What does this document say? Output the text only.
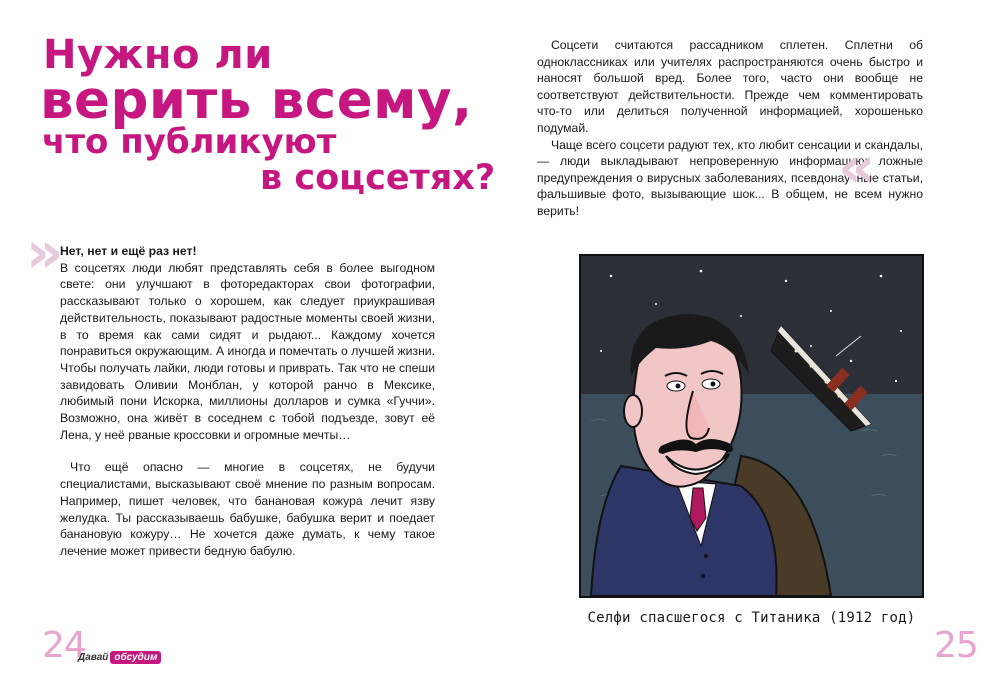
Нужно ли
верить всему,
что публикуют
в соцсетях?
»

Нет, нет и ещё раз нет!

В соцсетях люди любят представлять себя в более выгодном свете: они улучшают в фоторедакторах свои фотографии, рассказывают только о хорошем, как следует приукрашивая действительность, показывают радостные моменты своей жизни, в то время как сами сидят и рыдают... Каждому хочется понравиться окружающим. А иногда и помечтать о лучшей жизни. Чтобы получать лайки, люди готовы и приврать. Так что не спеши завидовать Оливии Монблан, у которой ранчо в Мексике, любимый пони Искорка, миллионы долларов и сумка «Гуччи». Возможно, она живёт в соседнем с тобой подъезде, зовут её Лена, у неё рваные кроссовки и огромные мечты…

Что ещё опасно — многие в соцсетях, не будучи специалистами, высказывают своё мнение по разным вопросам. Например, пишет человек, что банановая кожура лечит язву желудка. Ты рассказываешь бабушке, бабушка верит и поедает банановую кожуру… Не хочется даже думать, к чему такое лечение может привести бедную бабулю.

Соцсети считаются рассадником сплетен. Сплетни об одноклассниках или учителях распространяются очень быстро и наносят большой вред. Более того, часто они вообще не соответствуют действительности. Прежде чем комментировать что-то или делиться полученной информацией, хорошенько подумай.

Чаще всего соцсети радуют тех, кто любит сенсации и скандалы, — люди выкладывают непроверенную информацию: ложные предупреждения о вирусных заболеваниях, псевдонаучные статьи, фальшивые фото, вызывающие шок... В общем, не всем нужно верить!

«
Селфи спасшегося с Титаника (1912 год)
24
Давай обсудим	25
